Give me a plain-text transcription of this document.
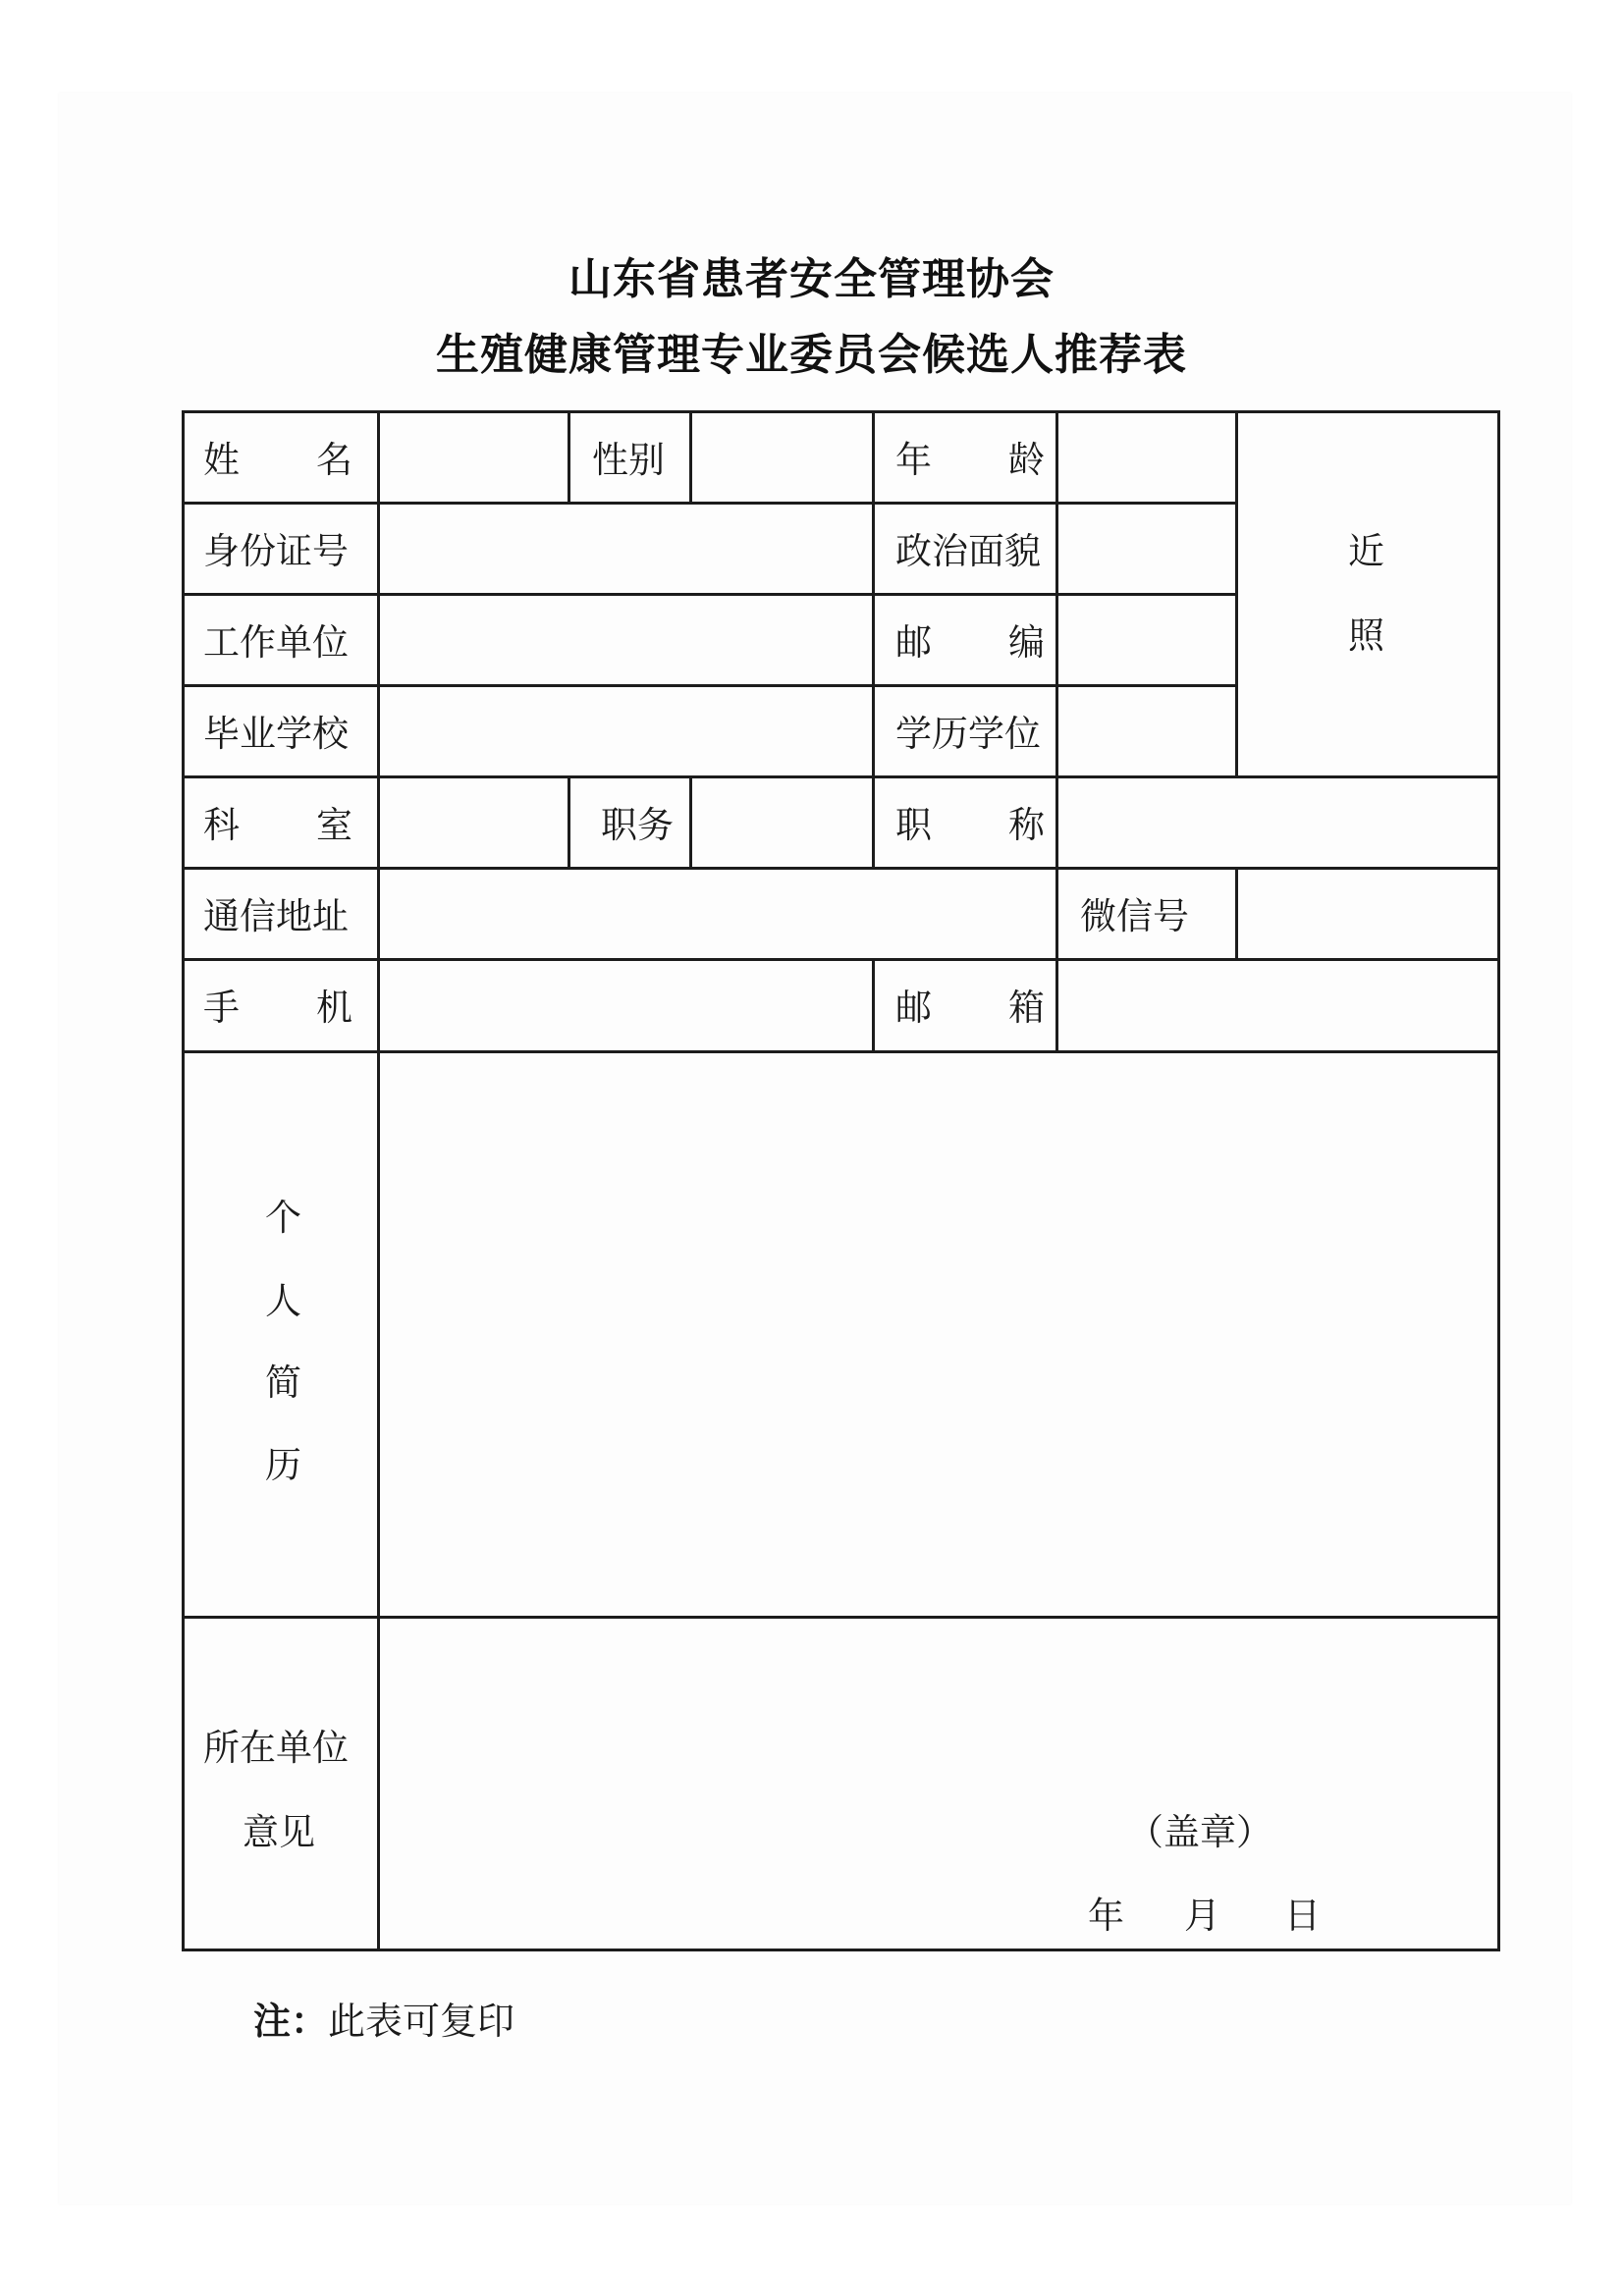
山东省患者安全管理协会
生殖健康管理专业委员会候选人推荐表
姓 名	性别	年 龄
身份证号	政治面貌
工作单位	邮 编
毕业学校	学历学位
近
照
科 室	职务	职 称
通信地址	微信号
手 机	邮 箱
个
人
简
历
所在单位
意见	（盖章）
年 月 日
注：此表可复印
